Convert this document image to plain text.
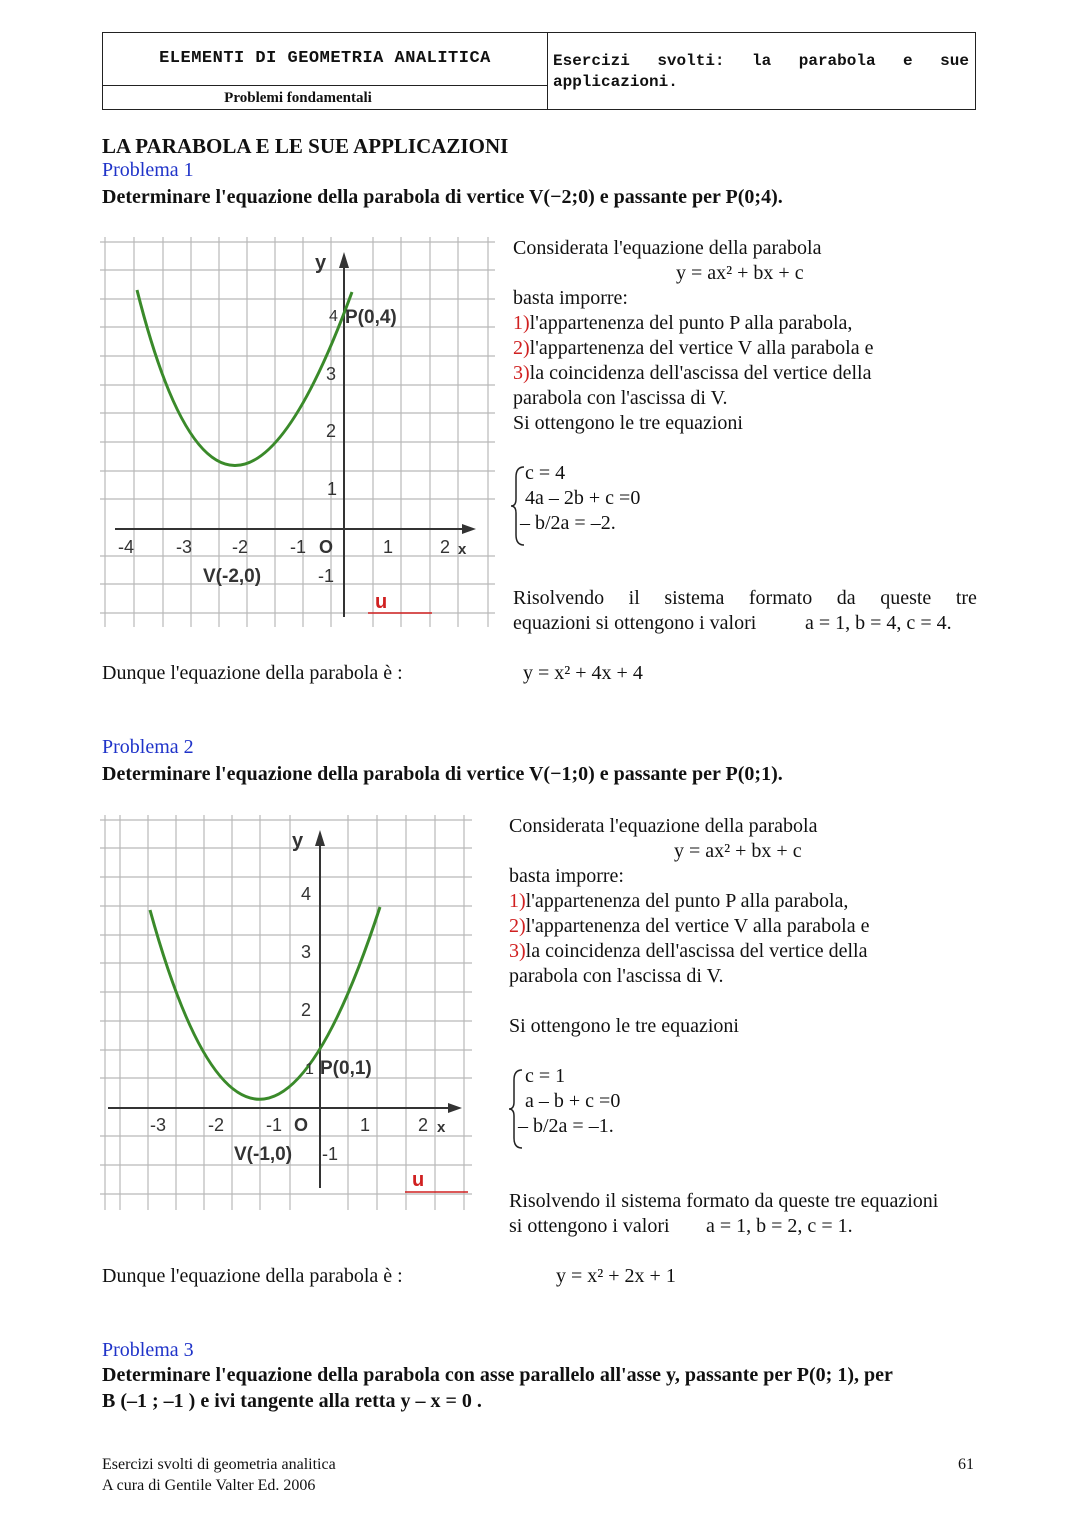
ELEMENTI DI GEOMETRIA ANALITICA
Problemi fondamentali
Esercizi svolti: la parabola e sue
applicazioni.
LA PARABOLA E LE SUE APPLICAZIONI
Problema 1
Determinare l'equazione della parabola di vertice V(−2;0) e passante per P(0;4).
y
x
-4 -3 -2 -1 O	1	2
3
2
1
-1
4 P(0,4)
V(-2,0)
u
Considerata l'equazione della parabola
y = ax² + bx + c
basta imporre:
1)l'appartenenza del punto P alla parabola,
2)l'appartenenza del vertice V alla parabola e
3)la coincidenza dell'ascissa del vertice della
parabola con l'ascissa di V.
Si ottengono le tre equazioni
c = 4
4a – 2b + c =0
– b/2a = –2.
Risolvendo il sistema formato da queste tre
equazioni si ottengono i valori a = 1, b = 4, c = 4.
Dunque l'equazione della parabola è :	y = x² + 4x + 4
Problema 2
Determinare l'equazione della parabola di vertice V(−1;0) e passante per P(0;1).
y
x
-3 -2 -1 O	1	2
4
3
2
-1
1 P(0,1)
V(-1,0)
u
Considerata l'equazione della parabola
y = ax² + bx + c
basta imporre:
1)l'appartenenza del punto P alla parabola,
2)l'appartenenza del vertice V alla parabola e
3)la coincidenza dell'ascissa del vertice della
parabola con l'ascissa di V.
Si ottengono le tre equazioni
c = 1
a – b + c =0
– b/2a = –1.
Risolvendo il sistema formato da queste tre equazioni
si ottengono i valori a = 1, b = 2, c = 1.
Dunque l'equazione della parabola è :	y = x² + 2x + 1
Problema 3
Determinare l'equazione della parabola con asse parallelo all'asse y, passante per P(0; 1), per
B (–1 ; –1 ) e ivi tangente alla retta y – x = 0 .
Esercizi svolti di geometria analitica
A cura di Gentile Valter Ed. 2006
61
